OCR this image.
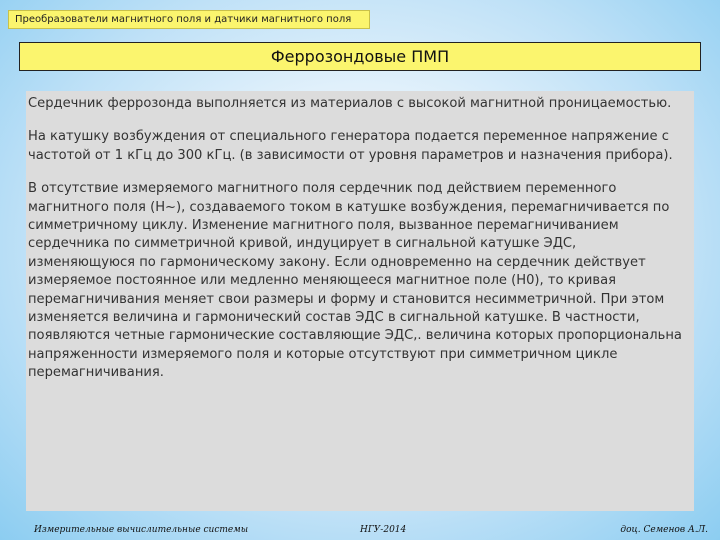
Преобразователи магнитного поля и датчики магнитного поля
Феррозондовые ПМП

Сердечник феррозонда выполняется из материалов с высокой магнитной проницаемостью.

На катушку возбуждения от специального генератора подается переменное напряжение с частотой от 1 кГц до 300 кГц. (в зависимости от уровня параметров и назначения прибора).

В отсутствие измеряемого магнитного поля сердечник под действием переменного магнитного поля (Н~), создаваемого током в катушке возбуждения, перемагничивается по симметричному циклу. Изменение магнитного поля, вызванное перемагничиванием сердечника по симметричной кривой, индуцирует в сигнальной катушке ЭДС, изменяющуюся по гармоническому закону. Если одновременно на сердечник действует измеряемое постоянное или медленно меняющееся магнитное поле (Н0), то кривая перемагничивания меняет свои размеры и форму и становится несимметричной. При этом изменяется величина и гармонический состав ЭДС в сигнальной катушке. В частности, появляются четные гармонические составляющие ЭДС,. величина которых пропорциональна напряженности измеряемого поля и которые отсутствуют при симметричном цикле перемагничивания.

Измерительные вычислительные системы	НГУ-2014	доц. Семенов А.Л.
